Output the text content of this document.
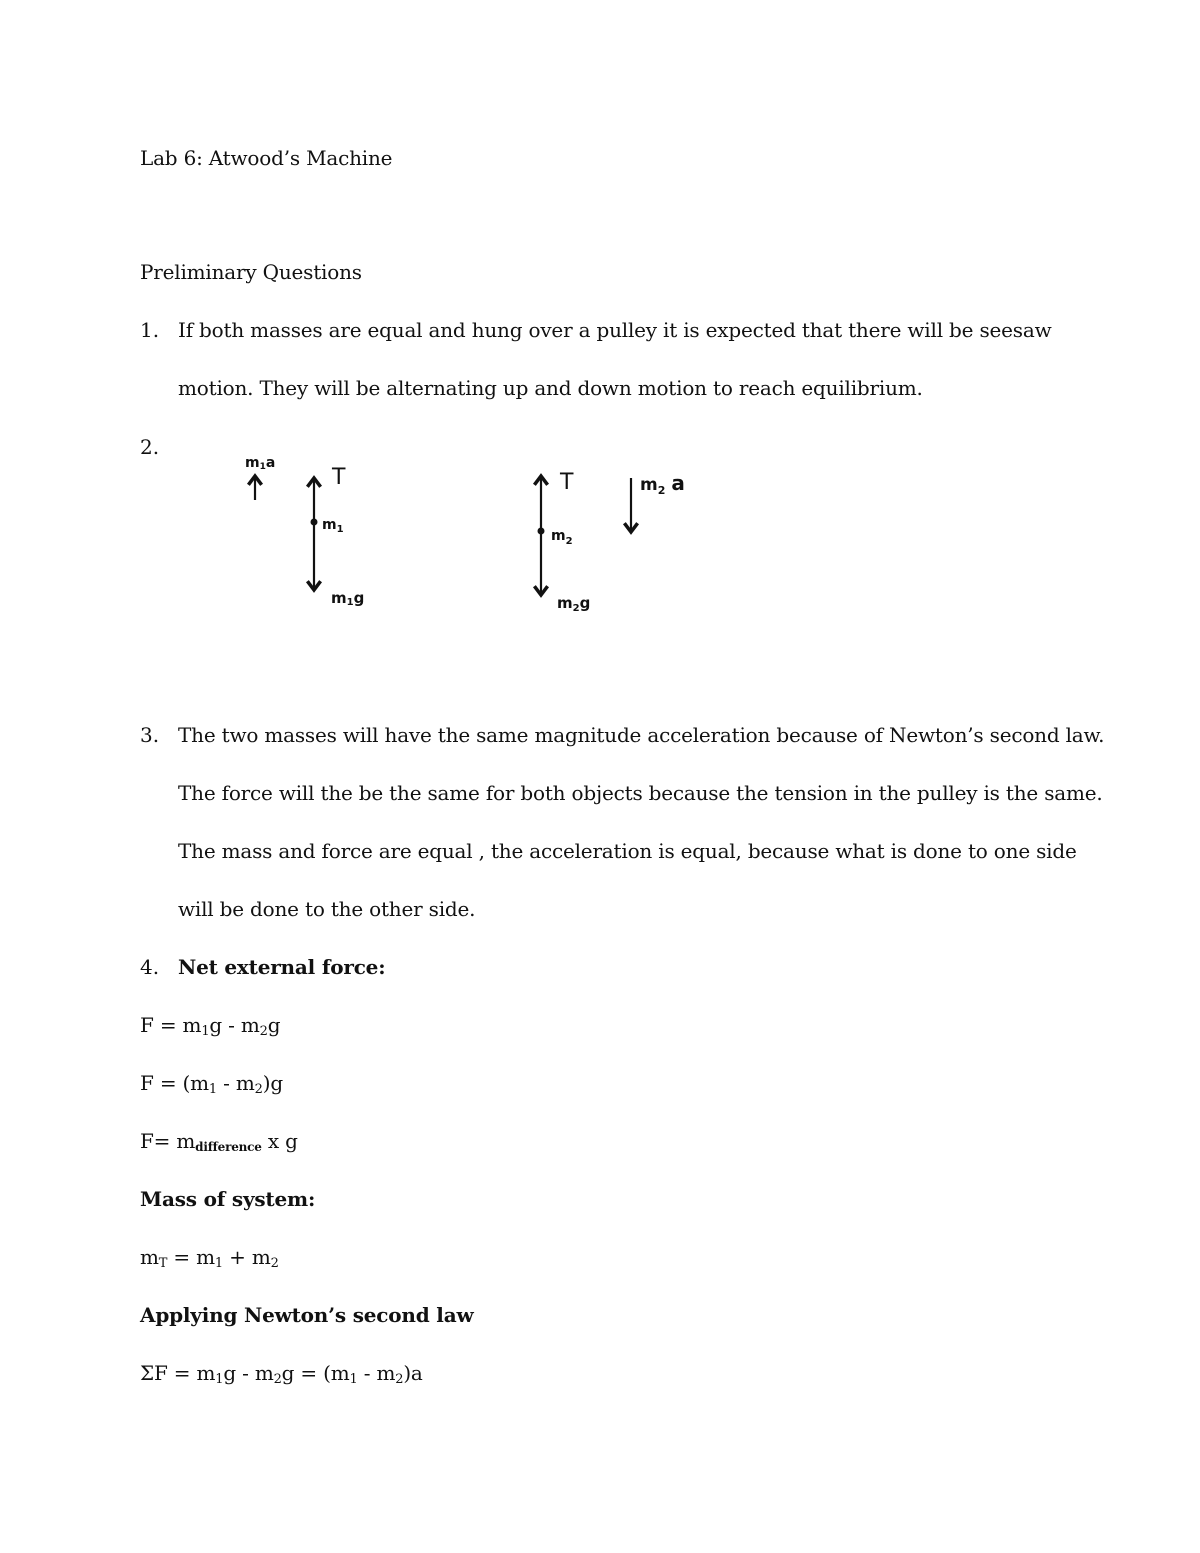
Lab 6: Atwood’s Machine
Preliminary Questions
1. If both masses are equal and hung over a pulley it is expected that there will be seesaw
motion. They will be alternating up and down motion to reach equilibrium.
2.
m1a
T
$m_1$
m1g
T
$m_2$
$m_2g$
$m_2$ a
3. The two masses will have the same magnitude acceleration because of Newton’s second law.
The force will the be the same for both objects because the tension in the pulley is the same.
The mass and force are equal , the acceleration is equal, because what is done to one side
will be done to the other side.
4. Net external force:
$F = m_1g - m_2g$
$F = (m_1 - m_2)g$
$F= m_{difference}$ x g
Mass of system:
$m_T = m_1 + m_2$
Applying Newton’s second law
$\Sigma F = m_1g - m_2g = (m_1 - m_2)a$
